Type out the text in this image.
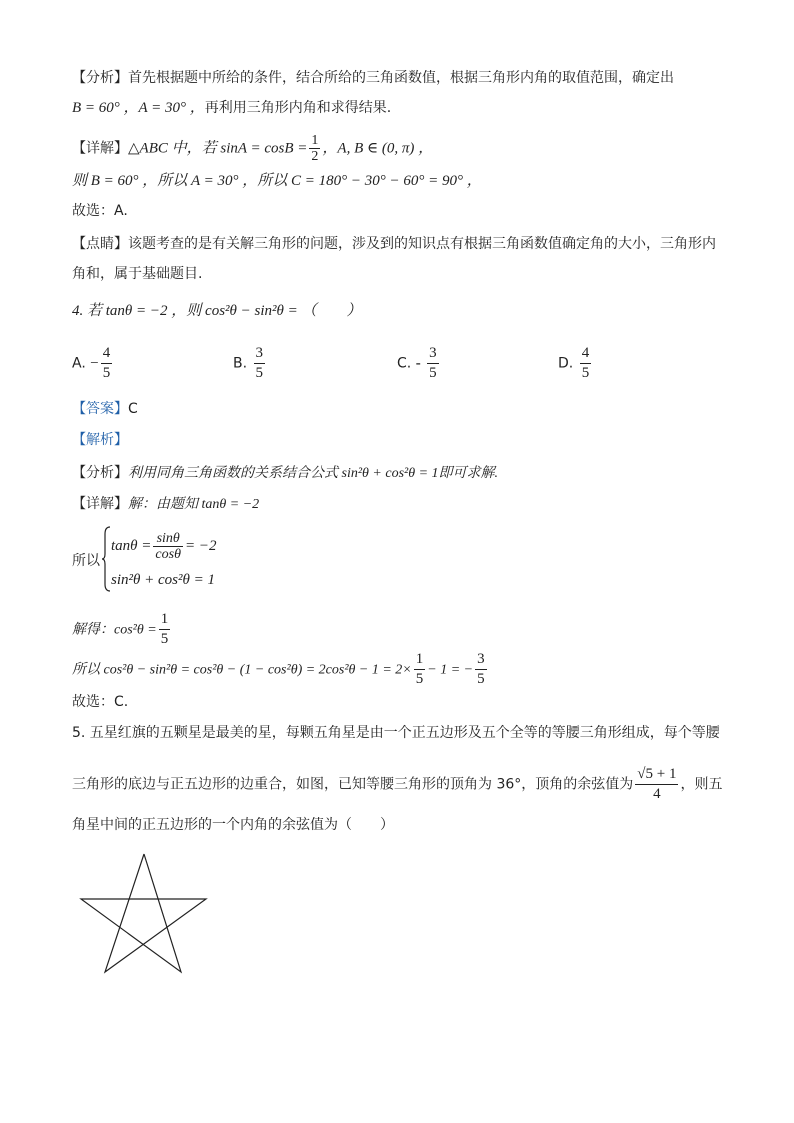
【分析】首先根据题中所给的条件，结合所给的三角函数值，根据三角形内角的取值范围，确定出
B = 60° ，A = 30° ，再利用三角形内角和求得结果.
【详解】△ABC 中，若 $\sin A = \cos B = \frac{1}{2}$ ，A, B ∈ (0, π) ，
则 B = 60° ，所以 A = 30° ，所以 C = 180° − 30° − 60° = 90° ，
故选：A.
【点睛】该题考查的是有关解三角形的问题，涉及到的知识点有根据三角函数值确定角的大小，三角形内
角和，属于基础题目.
4. 若 tanθ = −2 ，则 cos²θ − sin²θ = （　　）
A. − $\frac{4}{5}$	B. $\frac{3}{5}$	C. - $\frac{3}{5}$	D. $\frac{4}{5}$
【答案】C
【解析】
【分析】利用同角三角函数的关系结合公式 sin²θ + cos²θ = 1即可求解.
【详解】解：由题知 tanθ = −2
所以
$\tan\theta = \frac{\sin\theta}{\cos\theta} = -2$
sin²θ + cos²θ = 1
解得：$\cos^2\theta = \frac{1}{5}$
所以 $\cos^2\theta - \sin^2\theta = \cos^2\theta - (1 - \cos^2\theta) = 2\cos^2\theta - 1 = 2\times \frac{1}{5} - 1$ = − $\frac{3}{5}$
故选：C.
5. 五星红旗的五颗星是最美的星，每颗五角星是由一个正五边形及五个全等的等腰三角形组成，每个等腰
三角形的底边与正五边形的边重合，如图，已知等腰三角形的顶角为 36°，顶角的余弦值为 $\frac{√5 + 1}{4}$ ，则五
角星中间的正五边形的一个内角的余弦值为（　　）
